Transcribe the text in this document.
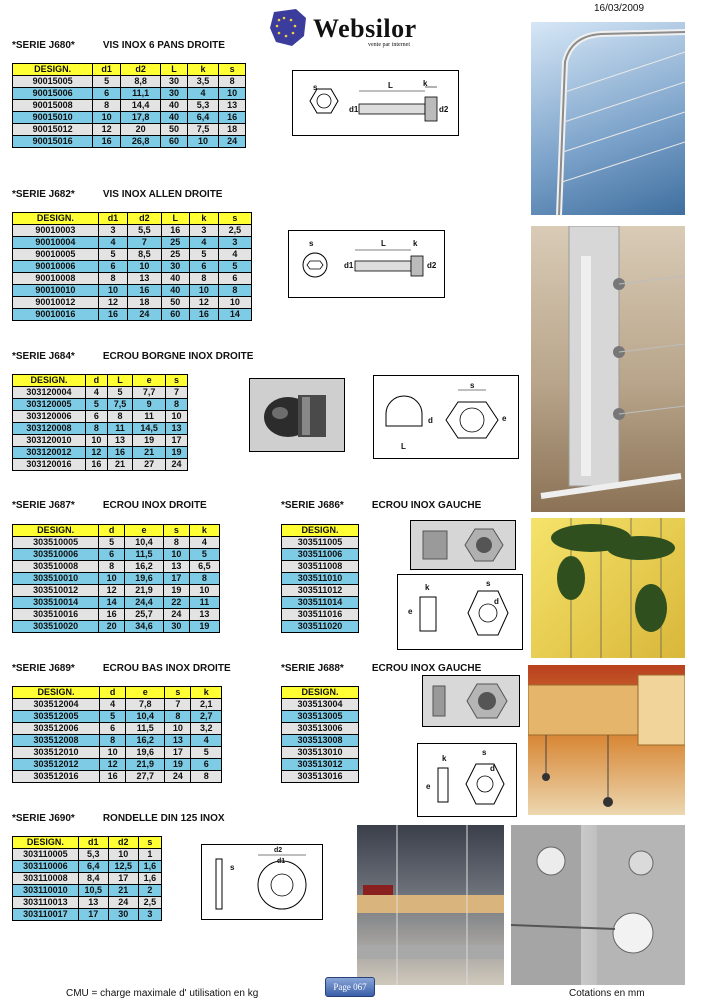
16/03/2009
Websilor
vente par internet
*SERIE J680*	VIS INOX 6 PANS DROITE
DESIGN.	d1	d2	L	k	s
90015005	5	8,8	30	3,5	8
90015006	6	11,1	30	4	10
90015008	8	14,4	40	5,3	13
90015010	10	17,8	40	6,4	16
90015012	12	20	50	7,5	18
90015016	16	26,8	60	10	24
s	L	k
d1	d2
*SERIE J682*	VIS INOX ALLEN DROITE
DESIGN.	d1	d2	L	k	s
90010003	3	5,5	16	3	2,5
90010004	4	7	25	4	3
90010005	5	8,5	25	5	4
90010006	6	10	30	6	5
90010008	8	13	40	8	6
90010010	10	16	40	10	8
90010012	12	18	50	12	10
90010016	16	24	60	16	14
s	L	k
d1	d2
*SERIE J684*	ECROU BORGNE INOX DROITE
DESIGN.	d	L	e	s
303120004	4	5	7,7	7
303120005	5	7,5	9	8
303120006	6	8	11	10
303120008	8	11	14,5	13
303120010	10	13	19	17
303120012	12	16	21	19
303120016	16	21	27	24
s
d	e
L
*SERIE J687*	ECROU INOX DROITE
DESIGN.	d	e	s	k
303510005	5	10,4	8	4
303510006	6	11,5	10	5
303510008	8	16,2	13	6,5
303510010	10	19,6	17	8
303510012	12	21,9	19	10
303510014	14	24,4	22	11
303510016	16	25,7	24	13
303510020	20	34,6	30	19
*SERIE J686*	ECROU INOX GAUCHE
DESIGN.
303511005
303511006
303511008
303511010
303511012
303511014
303511016
303511020
k
e
s
d
*SERIE J689*	ECROU BAS INOX DROITE
DESIGN.	d	e	s	k
303512004	4	7,8	7	2,1
303512005	5	10,4	8	2,7
303512006	6	11,5	10	3,2
303512008	8	16,2	13	4
303512010	10	19,6	17	5
303512012	12	21,9	19	6
303512016	16	27,7	24	8
*SERIE J688*	ECROU INOX GAUCHE
DESIGN.
303513004
303513005
303513006
303513008
303513010
303513012
303513016
k
e
s
d
*SERIE J690*	RONDELLE DIN 125 INOX
DESIGN.	d1	d2	s
303110005	5,3	10	1
303110006	6,4	12,5	1,6
303110008	8,4	17	1,6
303110010	10,5	21	2
303110013	13	24	2,5
303110017	17	30	3
s
d2
d1
CMU = charge maximale d' utilisation en kg
Page 067
Cotations en mm
